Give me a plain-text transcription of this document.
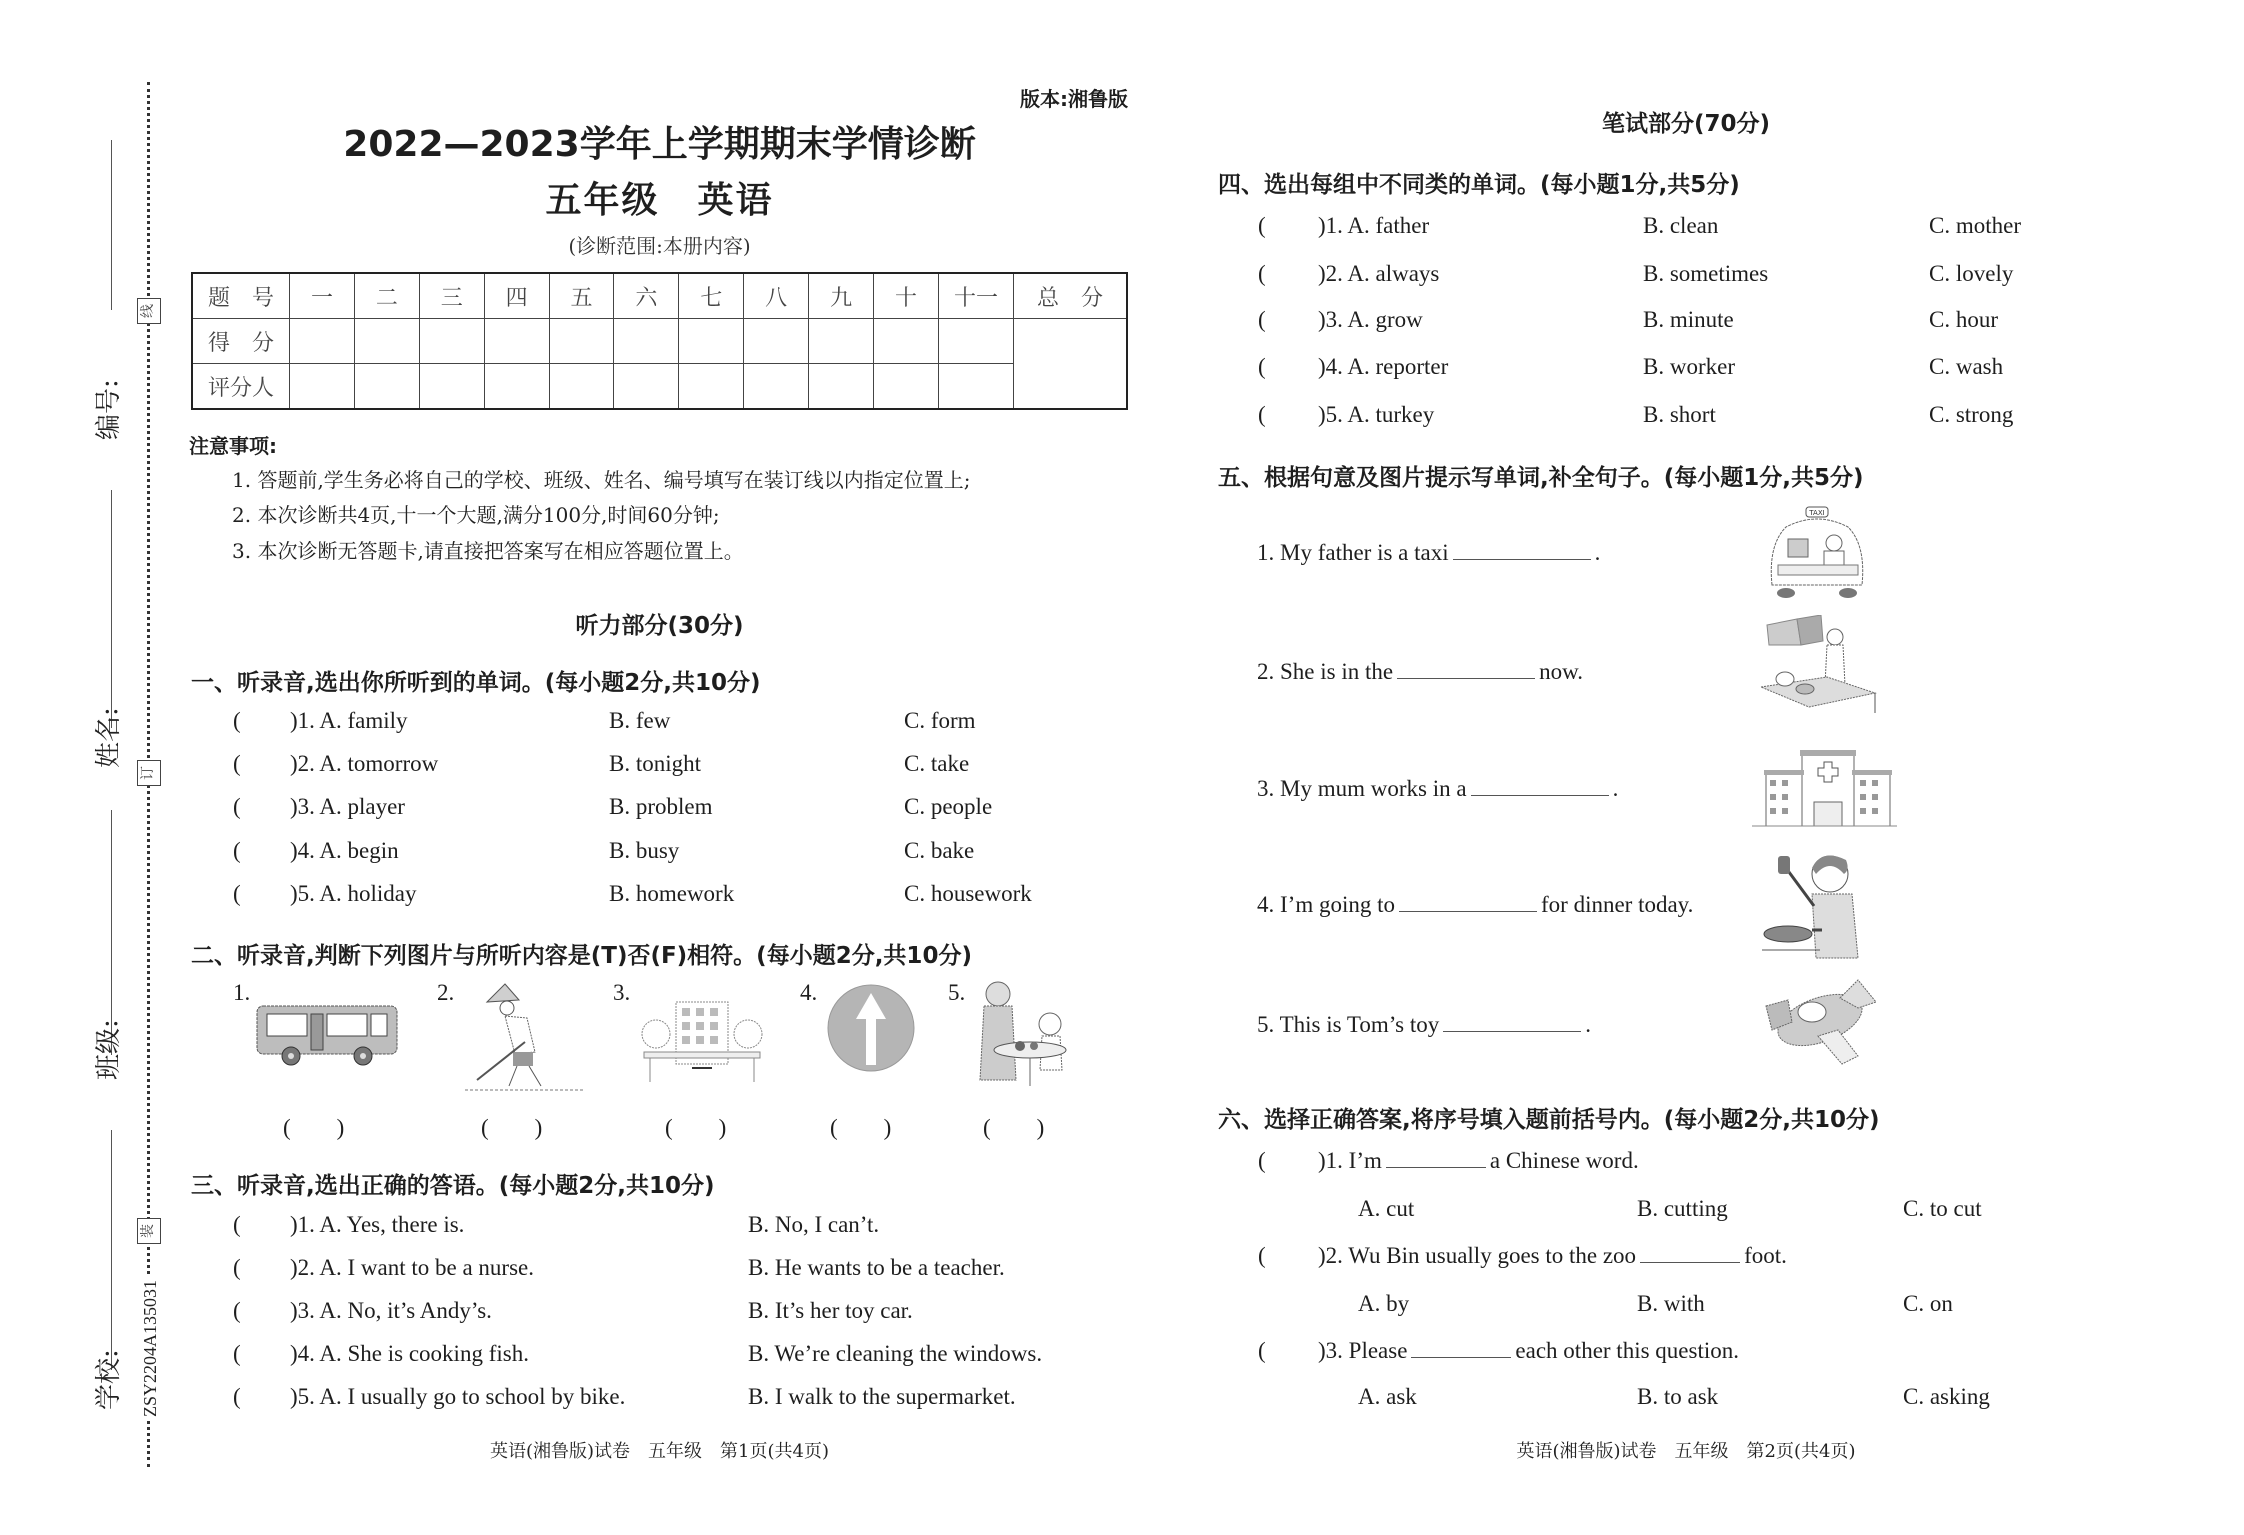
线
订
装
编号:
姓名:
班级:
学校: ZSY2204A135031
版本:湘鲁版
2022—2023学年上学期期末学情诊断
五年级　英语
(诊断范围:本册内容)
题　号	一	二	三	四	五	六	七	八	九	十	十一	总　分
得　分												
评分人												
注意事项:
1. 答题前,学生务必将自己的学校、班级、姓名、编号填写在装订线以内指定位置上;
2. 本次诊断共4页,十一个大题,满分100分,时间60分钟;
3. 本次诊断无答题卡,请直接把答案写在相应答题位置上。
听力部分(30分)
一、听录音,选出你所听到的单词。(每小题2分,共10分)
( )1. A. family	B. few	C. form
( )2. A. tomorrow	B. tonight	C. take
( )3. A. player	B. problem	C. people
( )4. A. begin	B. busy	C. bake
( )5. A. holiday	B. homework	C. housework
二、听录音,判断下列图片与所听内容是(T)否(F)相符。(每小题2分,共10分)
1.	2.	3.	4.	5.
(　　)	(　　)	(　　)	(　　)	(　　)
三、听录音,选出正确的答语。(每小题2分,共10分)
( )1. A. Yes, there is.	B. No, I can’t.
( )2. A. I want to be a nurse.	B. He wants to be a teacher.
( )3. A. No, it’s Andy’s.	B. It’s her toy car.
( )4. A. She is cooking fish.	B. We’re cleaning the windows.
( )5. A. I usually go to school by bike.	B. I walk to the supermarket.
英语(湘鲁版)试卷　五年级　第1页(共4页)
笔试部分(70分)
四、选出每组中不同类的单词。(每小题1分,共5分)
( )1. A. father	B. clean	C. mother
( )2. A. always	B. sometimes	C. lovely
( )3. A. grow	B. minute	C. hour
( )4. A. reporter	B. worker	C. wash
( )5. A. turkey	B. short	C. strong
五、根据句意及图片提示写单词,补全句子。(每小题1分,共5分)
1. My father is a taxi	.
2. She is in the	now.
3. My mum works in a	.
4. I’m going to	for dinner today.
5. This is Tom’s toy	.
TAXI
六、选择正确答案,将序号填入题前括号内。(每小题2分,共10分)
( )1. I’m	a Chinese word.
A. cut	B. cutting	C. to cut
( )2. Wu Bin usually goes to the zoo	foot.
A. by	B. with	C. on
( )3. Please	each other this question.
A. ask	B. to ask	C. asking
英语(湘鲁版)试卷　五年级　第2页(共4页)
